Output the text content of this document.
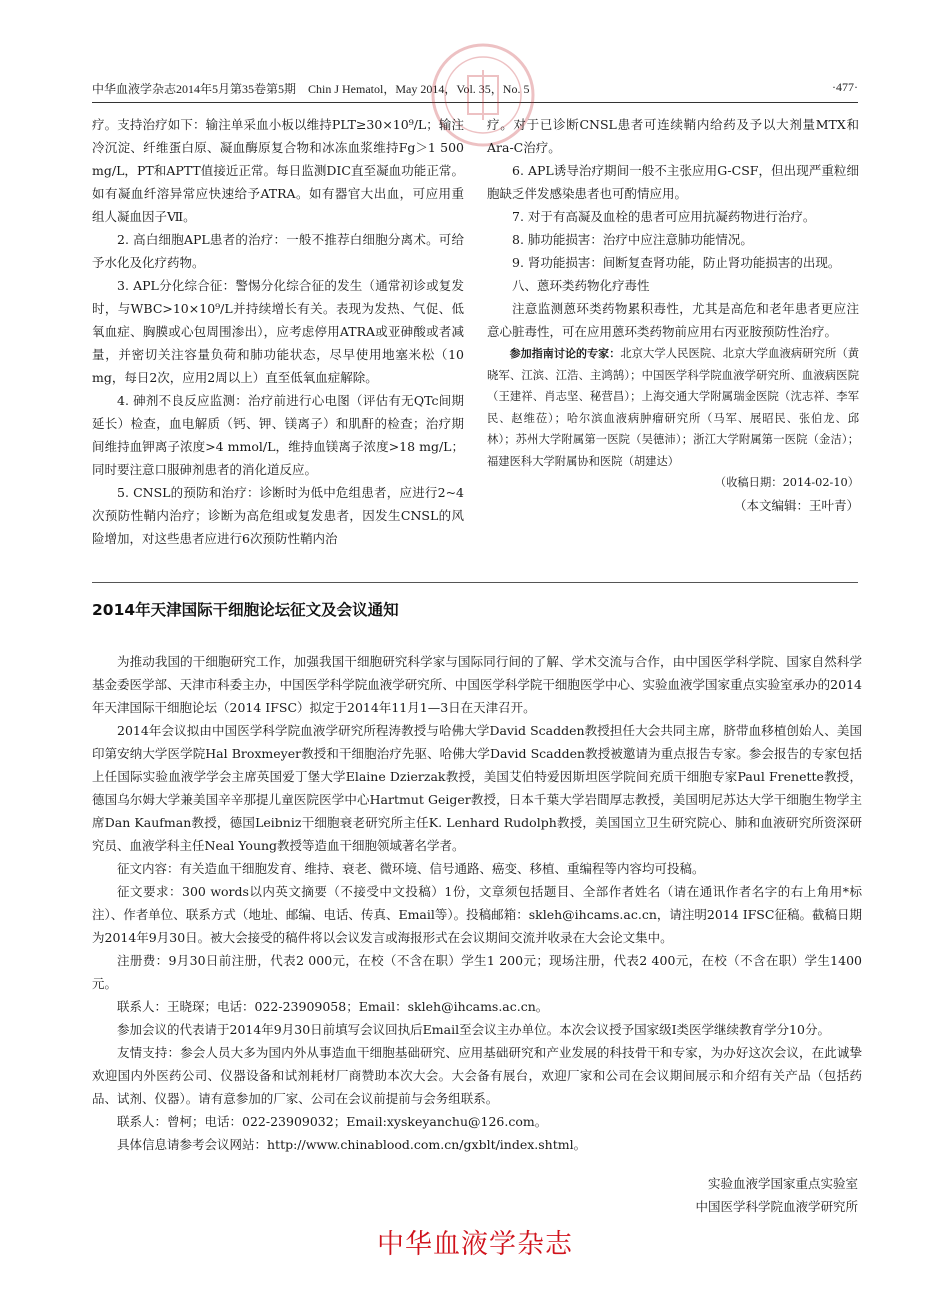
中华血液学杂志2014年5月第35卷第5期　Chin J Hematol，May 2014，Vol. 35，No. 5	·477·

疗。支持治疗如下：输注单采血小板以维持PLT≥30×10⁹/L；输注冷沉淀、纤维蛋白原、凝血酶原复合物和冰冻血浆维持Fg＞1 500 mg/L，PT和APTT值接近正常。每日监测DIC直至凝血功能正常。如有凝血纤溶异常应快速给予ATRA。如有器官大出血，可应用重组人凝血因子Ⅶ。

2. 高白细胞APL患者的治疗：一般不推荐白细胞分离术。可给予水化及化疗药物。

3. APL分化综合征：警惕分化综合征的发生（通常初诊或复发时，与WBC>10×10⁹/L并持续增长有关。表现为发热、气促、低氧血症、胸膜或心包周围渗出），应考虑停用ATRA或亚砷酸或者减量，并密切关注容量负荷和肺功能状态，尽早使用地塞米松（10 mg，每日2次，应用2周以上）直至低氧血症解除。

4. 砷剂不良反应监测：治疗前进行心电图（评估有无QTc间期延长）检查，血电解质（钙、钾、镁离子）和肌酐的检查；治疗期间维持血钾离子浓度>4 mmol/L，维持血镁离子浓度>18 mg/L；同时要注意口服砷剂患者的消化道反应。

5. CNSL的预防和治疗：诊断时为低中危组患者，应进行2~4次预防性鞘内治疗；诊断为高危组或复发患者，因发生CNSL的风险增加，对这些患者应进行6次预防性鞘内治

疗。对于已诊断CNSL患者可连续鞘内给药及予以大剂量MTX和Ara-C治疗。

6. APL诱导治疗期间一般不主张应用G-CSF，但出现严重粒细胞缺乏伴发感染患者也可酌情应用。

7. 对于有高凝及血栓的患者可应用抗凝药物进行治疗。

8. 肺功能损害：治疗中应注意肺功能情况。

9. 肾功能损害：间断复查肾功能，防止肾功能损害的出现。

八、蒽环类药物化疗毒性

注意监测蒽环类药物累积毒性，尤其是高危和老年患者更应注意心脏毒性，可在应用蒽环类药物前应用右丙亚胺预防性治疗。

参加指南讨论的专家：北京大学人民医院、北京大学血液病研究所（黄晓军、江滨、江浩、主鸿鹄）；中国医学科学院血液学研究所、血液病医院（王建祥、肖志坚、秘营昌）；上海交通大学附属瑞金医院（沈志祥、李军民、赵维莅）；哈尔滨血液病肿瘤研究所（马军、展昭民、张伯龙、邱林）；苏州大学附属第一医院（吴德沛）；浙江大学附属第一医院（金洁）；福建医科大学附属协和医院（胡建达）

（收稿日期：2014-02-10）

（本文编辑：王叶青）

2014年天津国际干细胞论坛征文及会议通知

为推动我国的干细胞研究工作，加强我国干细胞研究科学家与国际同行间的了解、学术交流与合作，由中国医学科学院、国家自然科学基金委医学部、天津市科委主办，中国医学科学院血液学研究所、中国医学科学院干细胞医学中心、实验血液学国家重点实验室承办的2014年天津国际干细胞论坛（2014 IFSC）拟定于2014年11月1—3日在天津召开。

2014年会议拟由中国医学科学院血液学研究所程涛教授与哈佛大学David Scadden教授担任大会共同主席，脐带血移植创始人、美国印第安纳大学医学院Hal Broxmeyer教授和干细胞治疗先驱、哈佛大学David Scadden教授被邀请为重点报告专家。参会报告的专家包括上任国际实验血液学学会主席英国爱丁堡大学Elaine Dzierzak教授，美国艾伯特爱因斯坦医学院间充质干细胞专家Paul Frenette教授，德国乌尔姆大学兼美国辛辛那提儿童医院医学中心Hartmut Geiger教授，日本千葉大学岩間厚志教授，美国明尼苏达大学干细胞生物学主席Dan Kaufman教授，德国Leibniz干细胞衰老研究所主任K. Lenhard Rudolph教授，美国国立卫生研究院心、肺和血液研究所资深研究员、血液学科主任Neal Young教授等造血干细胞领域著名学者。

征文内容：有关造血干细胞发育、维持、衰老、微环境、信号通路、癌变、移植、重编程等内容均可投稿。

征文要求：300 words以内英文摘要（不接受中文投稿）1份，文章须包括题目、全部作者姓名（请在通讯作者名字的右上角用*标注）、作者单位、联系方式（地址、邮编、电话、传真、Email等）。投稿邮箱：skleh@ihcams.ac.cn，请注明2014 IFSC征稿。截稿日期为2014年9月30日。被大会接受的稿件将以会议发言或海报形式在会议期间交流并收录在大会论文集中。

注册费：9月30日前注册，代表2 000元，在校（不含在职）学生1 200元；现场注册，代表2 400元，在校（不含在职）学生1400元。

联系人：王晓琛；电话：022-23909058；Email：skleh@ihcams.ac.cn。

参加会议的代表请于2014年9月30日前填写会议回执后Email至会议主办单位。本次会议授予国家级Ⅰ类医学继续教育学分10分。

友情支持：参会人员大多为国内外从事造血干细胞基础研究、应用基础研究和产业发展的科技骨干和专家，为办好这次会议，在此诚挚欢迎国内外医药公司、仪器设备和试剂耗材厂商赞助本次大会。大会备有展台，欢迎厂家和公司在会议期间展示和介绍有关产品（包括药品、试剂、仪器）。请有意参加的厂家、公司在会议前提前与会务组联系。

联系人：曾柯；电话：022-23909032；Email:xyskeyanchu@126.com。

具体信息请参考会议网站：http://www.chinablood.com.cn/gxblt/index.shtml。

实验血液学国家重点实验室
中国医学科学院血液学研究所
中华血液学杂志
